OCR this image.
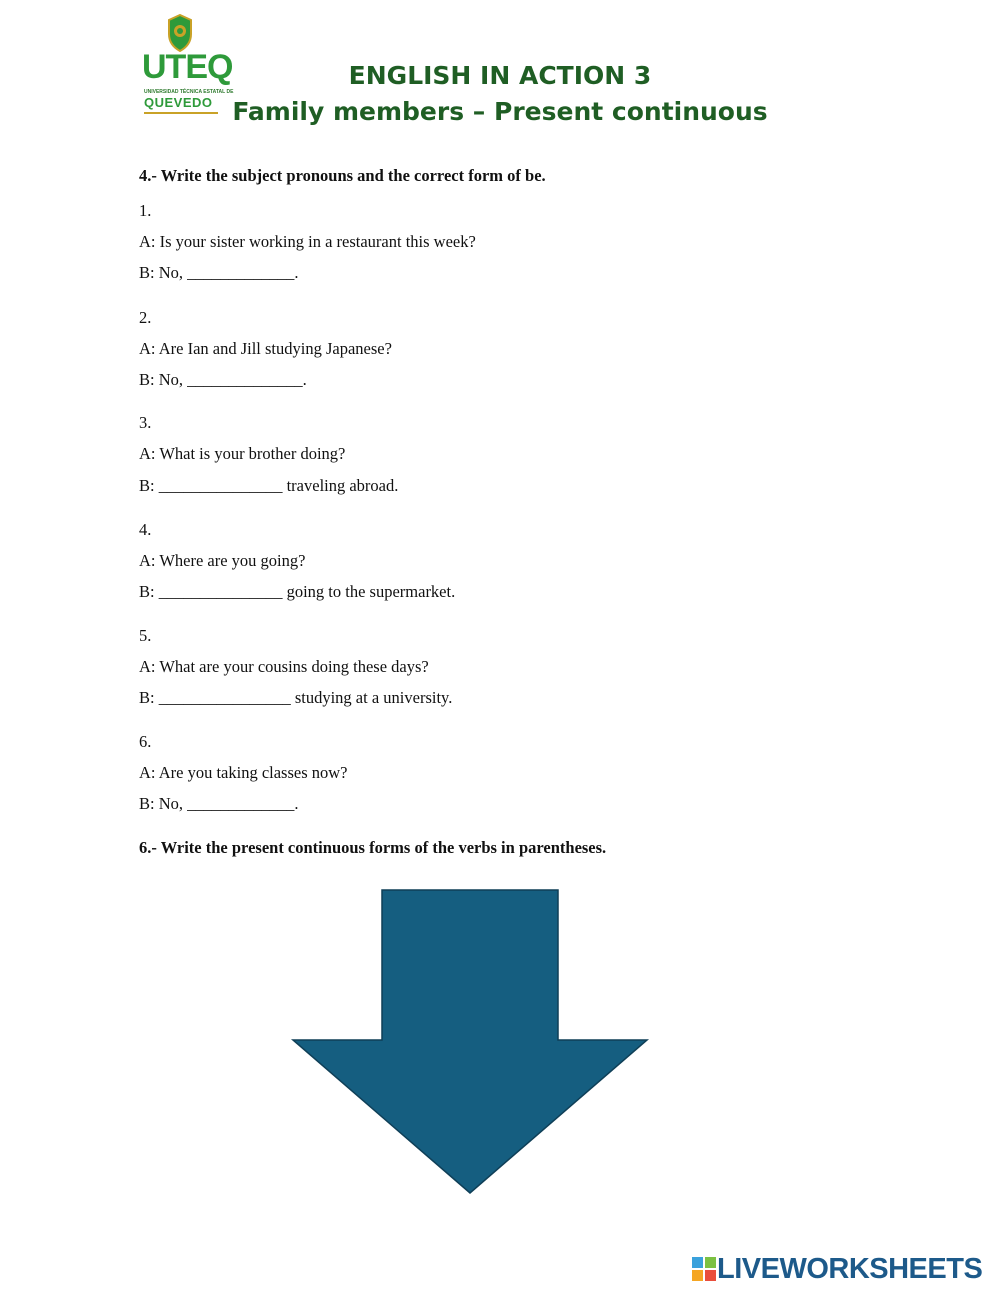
UTEQ
UNIVERSIDAD TÉCNICA ESTATAL DE
QUEVEDO
ENGLISH IN ACTION 3
Family members – Present continuous
4.- Write the subject pronouns and the correct form of be.
1.
A: Is your sister working in a restaurant this week?
B: No, _____________.
2.
A: Are Ian and Jill studying Japanese?
B: No, ______________.
3.
A: What is your brother doing?
B: _______________ traveling abroad.
4.
A: Where are you going?
B: _______________ going to the supermarket.
5.
A: What are your cousins doing these days?
B: ________________ studying at a university.
6.
A: Are you taking classes now?
B: No, _____________.
6.- Write the present continuous forms of the verbs in parentheses.
LIVEWORKSHEETS
